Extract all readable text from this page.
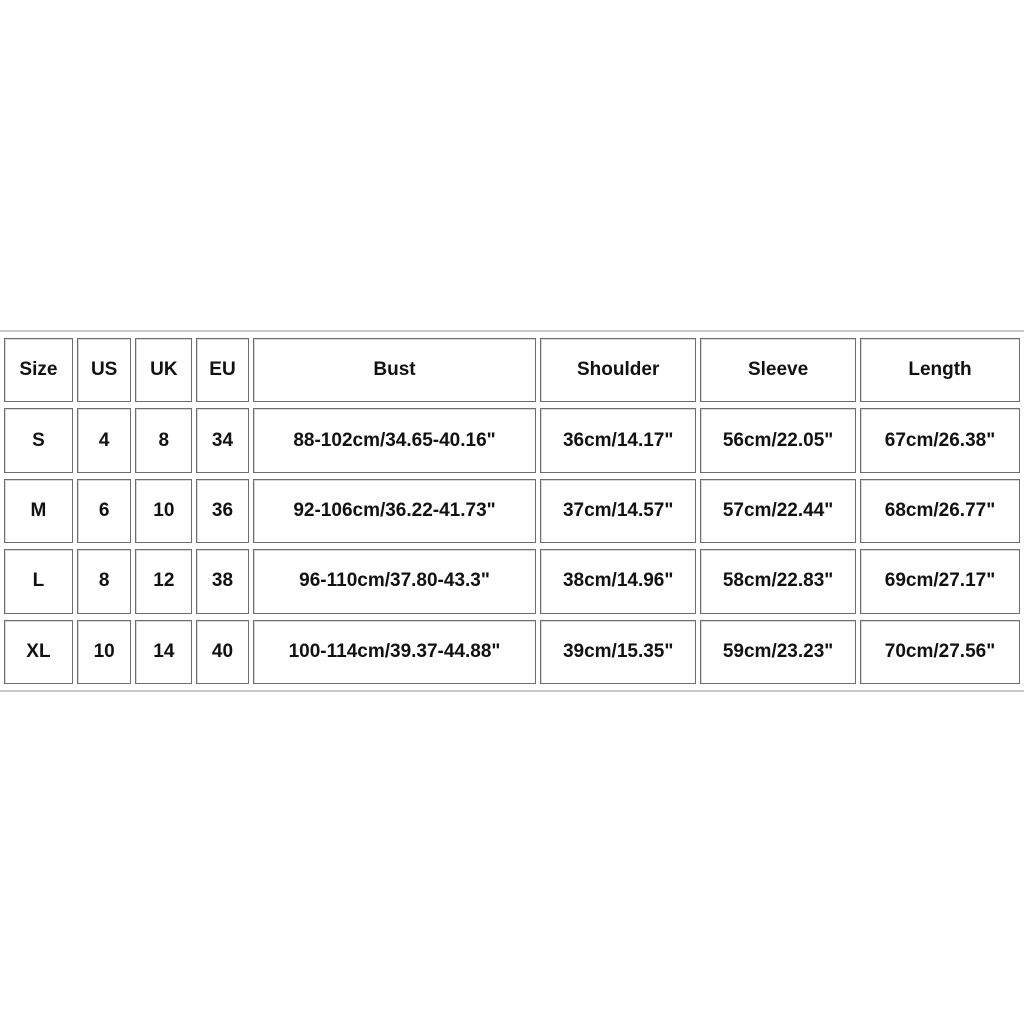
Size	US	UK	EU	Bust	Shoulder	Sleeve	Length
S	4	8	34	88-102cm/34.65-40.16"	36cm/14.17"	56cm/22.05"	67cm/26.38"
M	6	10	36	92-106cm/36.22-41.73"	37cm/14.57"	57cm/22.44"	68cm/26.77"
L	8	12	38	96-110cm/37.80-43.3"	38cm/14.96"	58cm/22.83"	69cm/27.17"
XL	10	14	40	100-114cm/39.37-44.88"	39cm/15.35"	59cm/23.23"	70cm/27.56"
